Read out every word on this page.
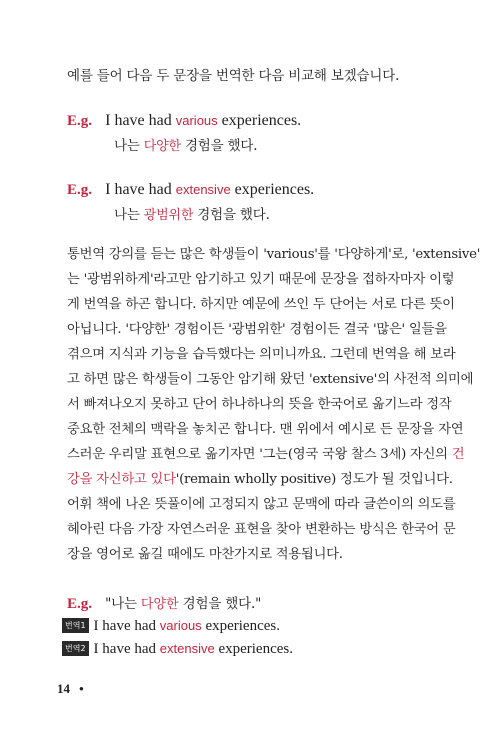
예를 들어 다음 두 문장을 번역한 다음 비교해 보겠습니다.
E.g. I have had various experiences.
나는 다양한 경험을 했다.
E.g. I have had extensive experiences.
나는 광범위한 경험을 했다.
통번역 강의를 듣는 많은 학생들이 'various'를 '다양하게'로, 'extensive'
는 '광범위하게'라고만 암기하고 있기 때문에 문장을 접하자마자 이렇
게 번역을 하곤 합니다. 하지만 예문에 쓰인 두 단어는 서로 다른 뜻이
아닙니다. '다양한' 경험이든 '광범위한' 경험이든 결국 '많은' 일들을
겪으며 지식과 기능을 습득했다는 의미니까요. 그런데 번역을 해 보라
고 하면 많은 학생들이 그동안 암기해 왔던 'extensive'의 사전적 의미에
서 빠져나오지 못하고 단어 하나하나의 뜻을 한국어로 옮기느라 정작
중요한 전체의 맥락을 놓치곤 합니다. 맨 위에서 예시로 든 문장을 자연
스러운 우리말 표현으로 옮기자면 '그는(영국 국왕 찰스 3세) 자신의 건
강을 자신하고 있다'(remain wholly positive) 정도가 될 것입니다.
어휘 책에 나온 뜻풀이에 고정되지 않고 문맥에 따라 글쓴이의 의도를
헤아린 다음 가장 자연스러운 표현을 찾아 변환하는 방식은 한국어 문
장을 영어로 옮길 때에도 마찬가지로 적용됩니다.
E.g. "나는 다양한 경험을 했다."
번역1 I have had various experiences.
번역2 I have had extensive experiences.
14 •
